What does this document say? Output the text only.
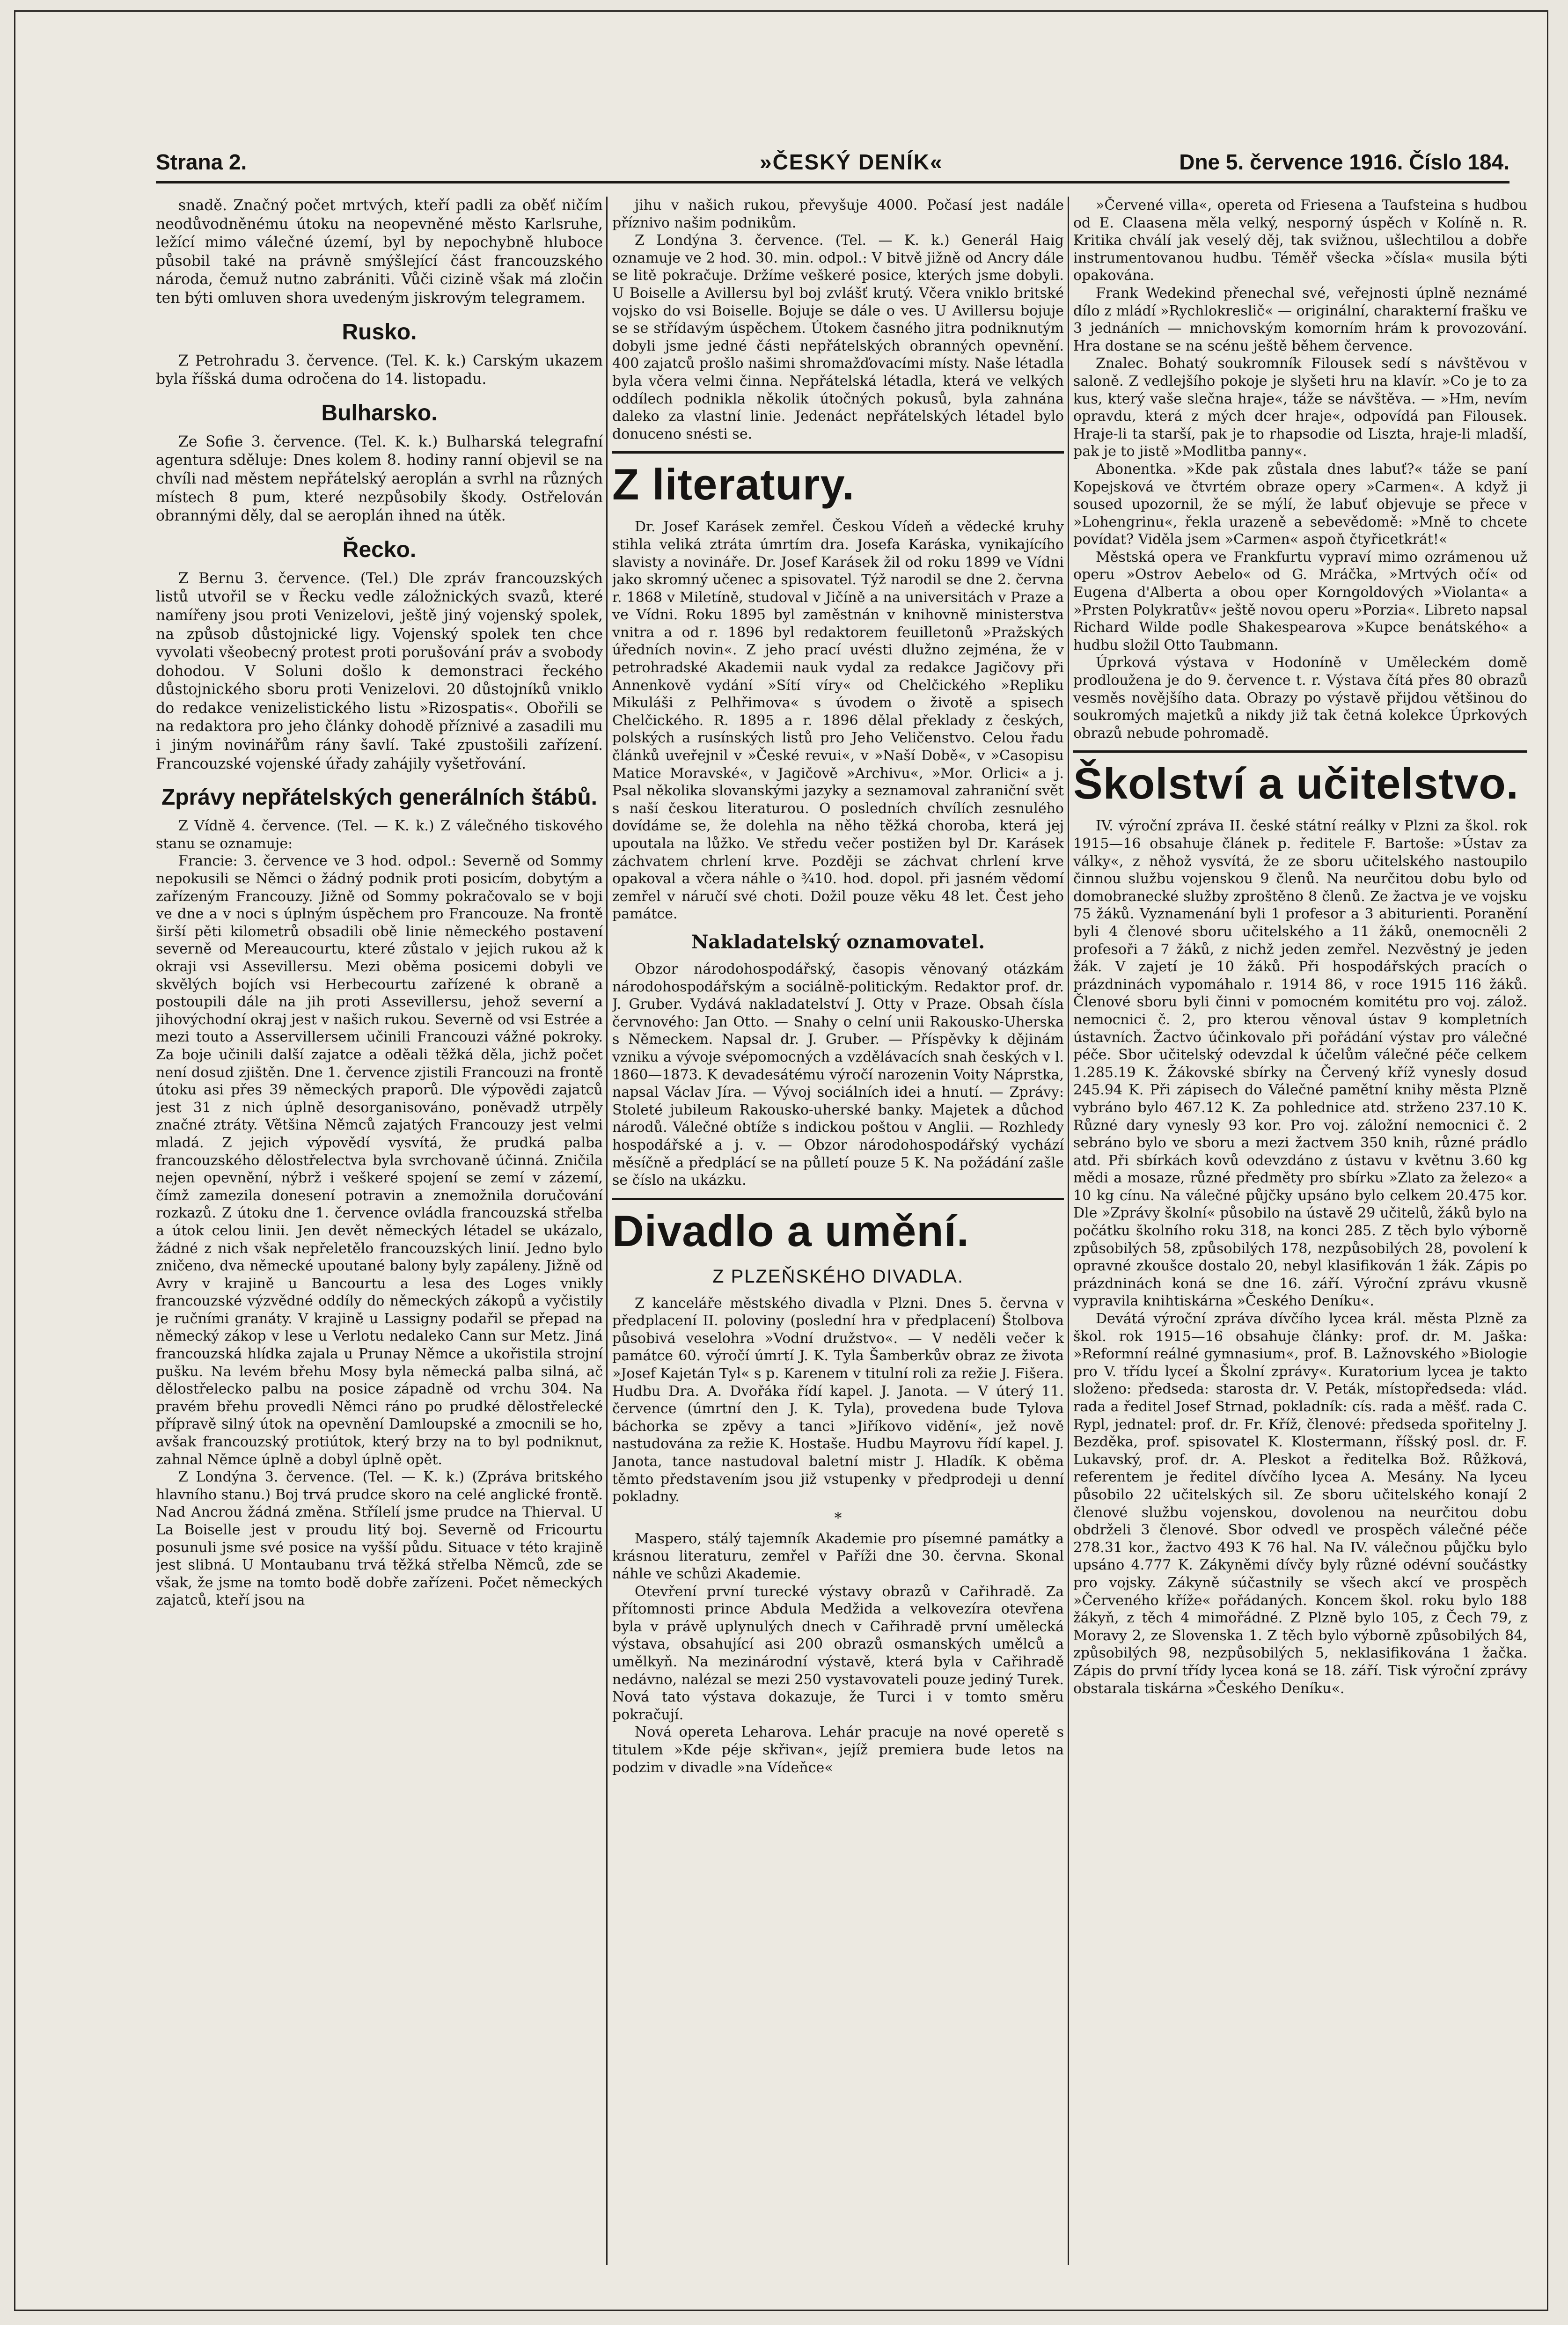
Strana 2.	»ČESKÝ DENÍK«	Dne 5. července 1916. Číslo 184.

snadě. Značný počet mrtvých, kteří padli za oběť ničím neodůvodněnému útoku na neopevněné město Karlsruhe, ležící mimo válečné území, byl by nepochybně hluboce působil také na právně smýšlející část francouzského národa, čemuž nutno zabrániti. Vůči cizině však má zločin ten býti omluven shora uvedeným jiskrovým telegramem.

Rusko.

Z Petrohradu 3. července. (Tel. K. k.) Carským ukazem byla říšská duma odročena do 14. listopadu.

Bulharsko.

Ze Sofie 3. července. (Tel. K. k.) Bulharská telegrafní agentura sděluje: Dnes kolem 8. hodiny ranní objevil se na chvíli nad městem nepřátelský aeroplán a svrhl na různých místech 8 pum, které nezpůsobily škody. Ostřelován obrannými děly, dal se aeroplán ihned na útěk.

Řecko.

Z Bernu 3. července. (Tel.) Dle zpráv francouzských listů utvořil se v Řecku vedle záložnických svazů, které namířeny jsou proti Venizelovi, ještě jiný vojenský spolek, na způsob důstojnické ligy. Vojenský spolek ten chce vyvolati všeobecný protest proti porušování práv a svobody dohodou. V Soluni došlo k demonstraci řeckého důstojnického sboru proti Venizelovi. 20 důstojníků vniklo do redakce venizelistického listu »Rizospatis«. Obořili se na redaktora pro jeho články dohodě příznivé a zasadili mu i jiným novinářům rány šavlí. Také zpustošili zařízení. Francouzské vojenské úřady zahájily vyšetřování.

Zprávy nepřátelských generálních štábů.

Z Vídně 4. července. (Tel. — K. k.) Z válečného tiskového stanu se oznamuje:

Francie: 3. července ve 3 hod. odpol.: Severně od Sommy nepokusili se Němci o žádný podnik proti posicím, dobytým a zařízeným Francouzy. Jižně od Sommy pokračovalo se v boji ve dne a v noci s úplným úspěchem pro Francouze. Na frontě širší pěti kilometrů obsadili obě linie německého postavení severně od Mereaucourtu, které zůstalo v jejich rukou až k okraji vsi Assevillersu. Mezi oběma posicemi dobyli ve skvělých bojích vsi Herbecourtu zařízené k obraně a postoupili dále na jih proti Assevillersu, jehož severní a jihovýchodní okraj jest v našich rukou. Severně od vsi Estrée a mezi touto a Asservillersem učinili Francouzi vážné pokroky. Za boje učinili další zajatce a oděali těžká děla, jichž počet není dosud zjištěn. Dne 1. července zjistili Francouzi na frontě útoku asi přes 39 německých praporů. Dle výpovědi zajatců jest 31 z nich úplně desorganisováno, poněvadž utrpěly značné ztráty. Většina Němců zajatých Francouzy jest velmi mladá. Z jejich výpovědí vysvítá, že prudká palba francouzského dělostřelectva byla svrchovaně účinná. Zničila nejen opevnění, nýbrž i veškeré spojení se zemí v zázemí, čímž zamezila donesení potravin a znemožnila doručování rozkazů. Z útoku dne 1. července ovládla francouzská střelba a útok celou linii. Jen devět německých létadel se ukázalo, žádné z nich však nepřeletělo francouzských linií. Jedno bylo zničeno, dva německé upoutané balony byly zapáleny. Jižně od Avry v krajině u Bancourtu a lesa des Loges vnikly francouzské výzvědné oddíly do německých zákopů a vyčistily je ručními granáty. V krajině u Lassigny podařil se přepad na německý zákop v lese u Verlotu nedaleko Cann sur Metz. Jiná francouzská hlídka zajala u Prunay Němce a ukořistila strojní pušku. Na levém břehu Mosy byla německá palba silná, ač dělostřelecko palbu na posice západně od vrchu 304. Na pravém břehu provedli Němci ráno po prudké dělostřelecké přípravě silný útok na opevnění Damloupské a zmocnili se ho, avšak francouzský protiútok, který brzy na to byl podniknut, zahnal Němce úplně a dobyl úplně opět.

Z Londýna 3. července. (Tel. — K. k.) (Zpráva britského hlavního stanu.) Boj trvá prudce skoro na celé anglické frontě. Nad Ancrou žádná změna. Střílelí jsme prudce na Thierval. U La Boiselle jest v proudu litý boj. Severně od Fricourtu posunuli jsme své posice na vyšší půdu. Situace v této krajině jest slibná. U Montaubanu trvá těžká střelba Němců, zde se však, že jsme na tomto bodě dobře zařízeni. Počet německých zajatců, kteří jsou na

jihu v našich rukou, převyšuje 4000. Počasí jest nadále příznivo našim podnikům.

Z Londýna 3. července. (Tel. — K. k.) Generál Haig oznamuje ve 2 hod. 30. min. odpol.: V bitvě jižně od Ancry dále se litě pokračuje. Držíme veškeré posice, kterých jsme dobyli. U Boiselle a Avillersu byl boj zvlášť krutý. Včera vniklo britské vojsko do vsi Boiselle. Bojuje se dále o ves. U Avillersu bojuje se se střídavým úspěchem. Útokem časného jitra podniknutým dobyli jsme jedné části nepřátelských obranných opevnění. 400 zajatců prošlo našimi shromažďovacími místy. Naše létadla byla včera velmi činna. Nepřátelská létadla, která ve velkých oddílech podnikla několik útočných pokusů, byla zahnána daleko za vlastní linie. Jedenáct nepřátelských létadel bylo donuceno snésti se.

Z literatury.

Dr. Josef Karásek zemřel. Českou Vídeň a vědecké kruhy stihla veliká ztráta úmrtím dra. Josefa Karáska, vynikajícího slavisty a novináře. Dr. Josef Karásek žil od roku 1899 ve Vídni jako skromný učenec a spisovatel. Týž narodil se dne 2. června r. 1868 v Miletíně, studoval v Jičíně a na universitách v Praze a ve Vídni. Roku 1895 byl zaměstnán v knihovně ministerstva vnitra a od r. 1896 byl redaktorem feuilletonů »Pražských úředních novin«. Z jeho prací uvésti dlužno zejména, že v petrohradské Akademii nauk vydal za redakce Jagičovy při Annenkově vydání »Sítí víry« od Chelčického »Repliku Mikuláši z Pelhřimova« s úvodem o životě a spisech Chelčického. R. 1895 a r. 1896 dělal překlady z českých, polských a rusínských listů pro Jeho Veličenstvo. Celou řadu článků uveřejnil v »České revui«, v »Naší Době«, v »Casopisu Matice Moravské«, v Jagičově »Archivu«, »Mor. Orlici« a j. Psal několika slovanskými jazyky a seznamoval zahraniční svět s naší českou literaturou. O posledních chvílích zesnulého dovídáme se, že dolehla na něho těžká choroba, která jej upoutala na lůžko. Ve středu večer postižen byl Dr. Karásek záchvatem chrlení krve. Později se záchvat chrlení krve opakoval a včera náhle o ¾10. hod. dopol. při jasném vědomí zemřel v náručí své choti. Dožil pouze věku 48 let. Čest jeho památce.

Nakladatelský oznamovatel.

Obzor národohospodářský, časopis věnovaný otázkám národohospodářským a sociálně-politickým. Redaktor prof. dr. J. Gruber. Vydává nakladatelství J. Otty v Praze. Obsah čísla červnového: Jan Otto. — Snahy o celní unii Rakousko-Uherska s Německem. Napsal dr. J. Gruber. — Příspěvky k dějinám vzniku a vývoje svépomocných a vzdělávacích snah českých v l. 1860—1873. K devadesátému výročí narozenin Voity Náprstka, napsal Václav Jíra. — Vývoj sociálních idei a hnutí. — Zprávy: Stoleté jubileum Rakousko-uherské banky. Majetek a důchod národů. Válečné obtíže s indickou poštou v Anglii. — Rozhledy hospodářské a j. v. — Obzor národohospodářský vychází měsíčně a předplácí se na půlletí pouze 5 K. Na požádání zašle se číslo na ukázku.

Divadlo a umění.
Z PLZEŇSKÉHO DIVADLA.

Z kanceláře městského divadla v Plzni. Dnes 5. června v předplacení II. poloviny (poslední hra v předplacení) Štolbova působivá veselohra »Vodní družstvo«. — V neděli večer k památce 60. výročí úmrtí J. K. Tyla Šamberkův obraz ze života »Josef Kajetán Tyl« s p. Karenem v titulní roli za režie J. Fišera. Hudbu Dra. A. Dvořáka řídí kapel. J. Janota. — V úterý 11. července (úmrtní den J. K. Tyla), provedena bude Tylova báchorka se zpěvy a tanci »Jiříkovo vidění«, jež nově nastudována za režie K. Hostaše. Hudbu Mayrovu řídí kapel. J. Janota, tance nastudoval baletní mistr J. Hladík. K oběma těmto představením jsou již vstupenky v předprodeji u denní pokladny.

*

Maspero, stálý tajemník Akademie pro písemné památky a krásnou literaturu, zemřel v Paříži dne 30. června. Skonal náhle ve schůzi Akademie.

Otevření první turecké výstavy obrazů v Cařihradě. Za přítomnosti prince Abdula Medžida a velkovezíra otevřena byla v právě uplynulých dnech v Cařihradě první umělecká výstava, obsahující asi 200 obrazů osmanských umělců a umělkyň. Na mezinárodní výstavě, která byla v Cařihradě nedávno, nalézal se mezi 250 vystavovateli pouze jediný Turek. Nová tato výstava dokazuje, že Turci i v tomto směru pokračují.

Nová opereta Leharova. Lehár pracuje na nové operetě s titulem »Kde péje skřivan«, jejíž premiera bude letos na podzim v divadle »na Vídeňce«

»Červené villa«, opereta od Friesena a Taufsteina s hudbou od E. Claasena měla velký, nesporný úspěch v Kolíně n. R. Kritika chválí jak veselý děj, tak svižnou, ušlechtilou a dobře instrumentovanou hudbu. Téměř všecka »čísla« musila býti opakována.

Frank Wedekind přenechal své, veřejnosti úplně neznámé dílo z mládí »Rychlokreslič« — originální, charakterní frašku ve 3 jednáních — mnichovským komorním hrám k provozování. Hra dostane se na scénu ještě během července.

Znalec. Bohatý soukromník Filousek sedí s návštěvou v saloně. Z vedlejšího pokoje je slyšeti hru na klavír. »Co je to za kus, který vaše slečna hraje«, táže se návštěva. — »Hm, nevím opravdu, která z mých dcer hraje«, odpovídá pan Filousek. Hraje-li ta starší, pak je to rhapsodie od Liszta, hraje-li mladší, pak je to jistě »Modlitba panny«.

Abonentka. »Kde pak zůstala dnes labuť?« táže se paní Kopejsková ve čtvrtém obraze opery »Carmen«. A když ji soused upozornil, že se mýlí, že labuť objevuje se přece v »Lohengrinu«, řekla urazeně a sebevědomě: »Mně to chcete povídat? Viděla jsem »Carmen« aspoň čtyřicetkrát!«

Městská opera ve Frankfurtu vypraví mimo ozrámenou už operu »Ostrov Aebelo« od G. Mráčka, »Mrtvých očí« od Eugena d'Alberta a obou oper Korngoldových »Violanta« a »Prsten Polykratův« ještě novou operu »Porzia«. Libreto napsal Richard Wilde podle Shakespearova »Kupce benátského« a hudbu složil Otto Taubmann.

Úprková výstava v Hodoníně v Uměleckém domě prodloužena je do 9. července t. r. Výstava čítá přes 80 obrazů vesměs novějšího data. Obrazy po výstavě přijdou většinou do soukromých majetků a nikdy již tak četná kolekce Úprkových obrazů nebude pohromadě.

Školství a učitelstvo.

IV. výroční zpráva II. české státní reálky v Plzni za škol. rok 1915—16 obsahuje článek p. ředitele F. Bartoše: »Ústav za války«, z něhož vysvítá, že ze sboru učitelského nastoupilo činnou službu vojenskou 9 členů. Na neurčitou dobu bylo od domobranecké služby zproštěno 8 členů. Ze žactva je ve vojsku 75 žáků. Vyznamenání byli 1 profesor a 3 abiturienti. Poranění byli 4 členové sboru učitelského a 11 žáků, onemocněli 2 profesoři a 7 žáků, z nichž jeden zemřel. Nezvěstný je jeden žák. V zajetí je 10 žáků. Při hospodářských pracích o prázdninách vypomáhalo r. 1914 86, v roce 1915 116 žáků. Členové sboru byli činni v pomocném komitétu pro voj. zálož. nemocnici č. 2, pro kterou věnoval ústav 9 kompletních ústavních. Žactvo účinkovalo při pořádání výstav pro válečné péče. Sbor učitelský odevzdal k účelům válečné péče celkem 1.285.19 K. Žákovské sbírky na Červený kříž vynesly dosud 245.94 K. Při zápisech do Válečné pamětní knihy města Plzně vybráno bylo 467.12 K. Za pohlednice atd. strženo 237.10 K. Různé dary vynesly 93 kor. Pro voj. záložní nemocnici č. 2 sebráno bylo ve sboru a mezi žactvem 350 knih, různé prádlo atd. Při sbírkách kovů odevzdáno z ústavu v květnu 3.60 kg mědi a mosaze, různé předměty pro sbírku »Zlato za železo« a 10 kg cínu. Na válečné půjčky upsáno bylo celkem 20.475 kor. Dle »Zprávy školní« působilo na ústavě 29 učitelů, žáků bylo na počátku školního roku 318, na konci 285. Z těch bylo výborně způsobilých 58, způsobilých 178, nezpůsobilých 28, povolení k opravné zkoušce dostalo 20, nebyl klasifikován 1 žák. Zápis po prázdninách koná se dne 16. září. Výroční zprávu vkusně vypravila knihtiskárna »Českého Deníku«.

Devátá výroční zpráva dívčího lycea král. města Plzně za škol. rok 1915—16 obsahuje články: prof. dr. M. Jaška: »Reformní reálné gymnasium«, prof. B. Lažnovského »Biologie pro V. třídu lyceí a Školní zprávy«. Kuratorium lycea je takto složeno: předseda: starosta dr. V. Peták, místopředseda: vlád. rada a ředitel Josef Strnad, pokladník: cís. rada a měšť. rada C. Rypl, jednatel: prof. dr. Fr. Kříž, členové: předseda spořitelny J. Bezděka, prof. spisovatel K. Klostermann, říšský posl. dr. F. Lukavský, prof. dr. A. Pleskot a ředitelka Bož. Růžková, referentem je ředitel dívčího lycea A. Mesány. Na lyceu působilo 22 učitelských sil. Ze sboru učitelského konají 2 členové službu vojenskou, dovolenou na neurčitou dobu obdrželi 3 členové. Sbor odvedl ve prospěch válečné péče 278.31 kor., žactvo 493 K 76 hal. Na IV. válečnou půjčku bylo upsáno 4.777 K. Zákyněmi dívčy byly různé odévní součástky pro vojsky. Zákyně súčastnily se všech akcí ve prospěch »Červeného kříže« pořádaných. Koncem škol. roku bylo 188 žákyň, z těch 4 mimořádné. Z Plzně bylo 105, z Čech 79, z Moravy 2, ze Slovenska 1. Z těch bylo výborně způsobilých 84, způsobilých 98, nezpůsobilých 5, neklasifikována 1 žačka. Zápis do první třídy lycea koná se 18. září. Tisk výroční zprávy obstarala tiskárna »Českého Deníku«.
